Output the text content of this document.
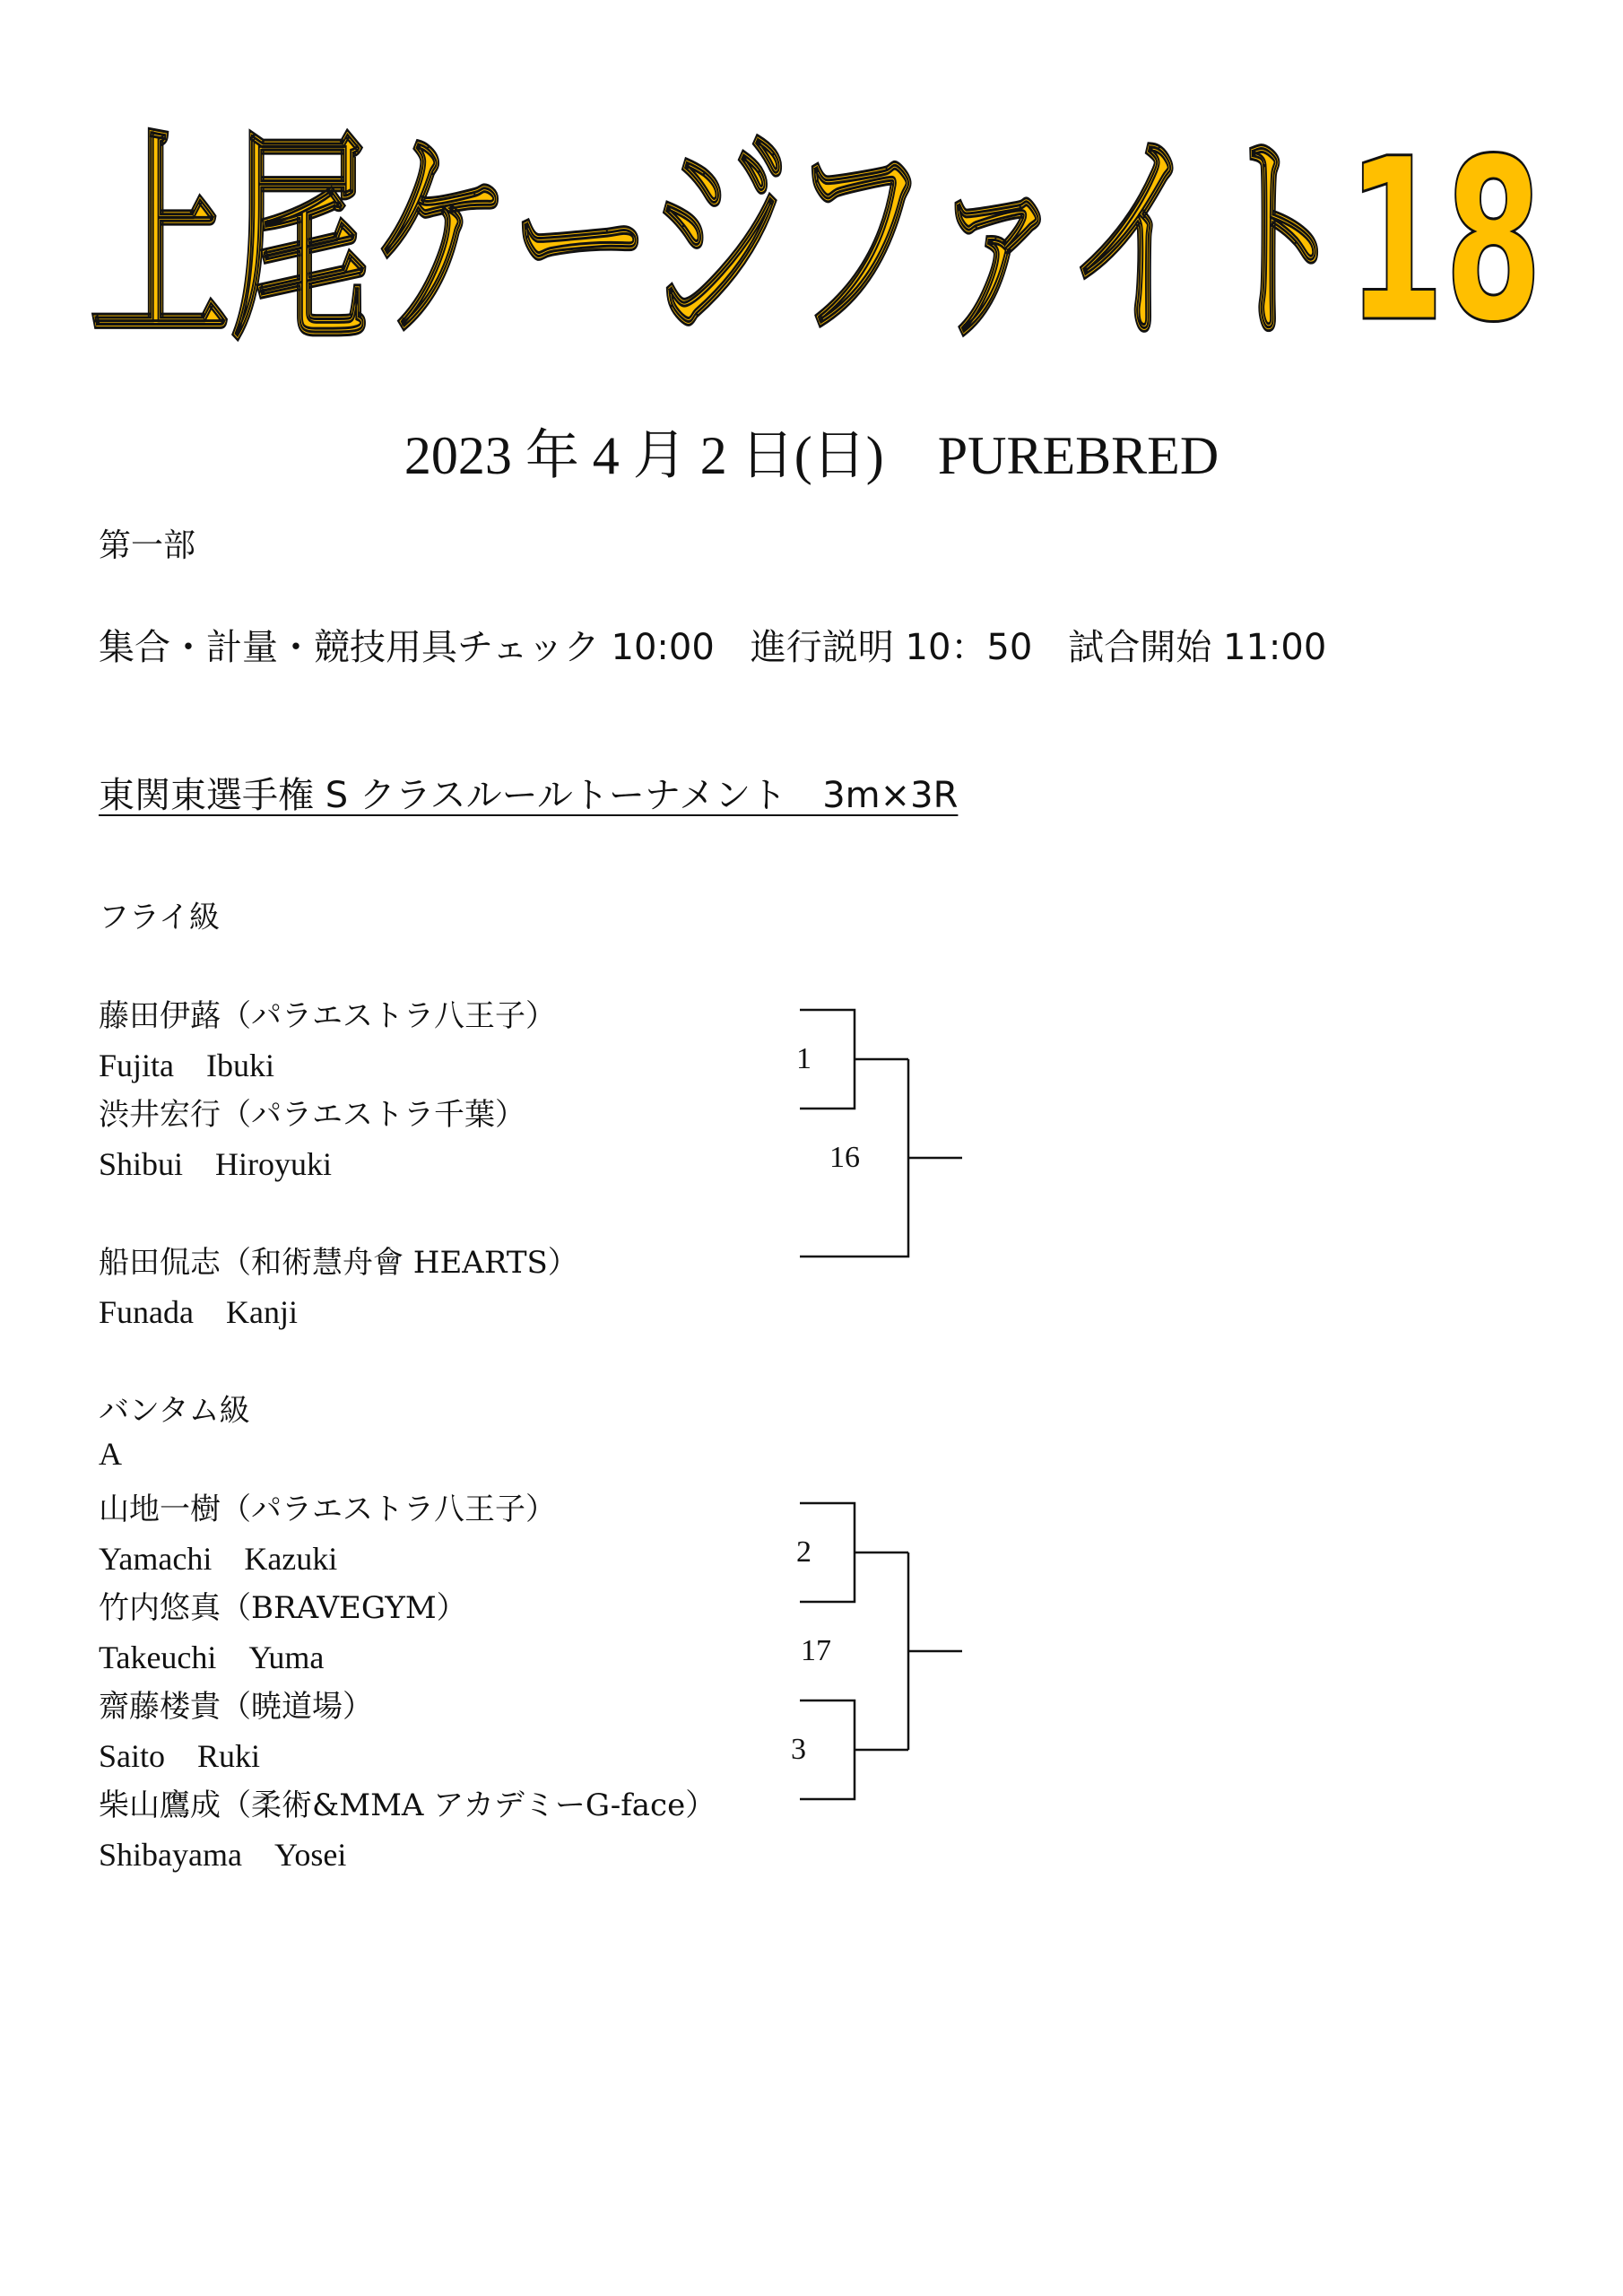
上尾ケージファイト18
2023 年 4 月 2 日(日)　PUREBRED
第一部
集合・計量・競技用具チェック 10:00　進行説明 10：50　試合開始 11:00
東関東選手権 S クラスルールトーナメント　3m×3R
フライ級
藤田伊蕗（パラエストラ八王子）
Fujita　Ibuki
渋井宏行（パラエストラ千葉）
Shibui　Hiroyuki
船田侃志（和術慧舟會 HEARTS）
Funada　Kanji
1
16
バンタム級
A
山地一樹（パラエストラ八王子）
Yamachi　Kazuki
竹内悠真（BRAVEGYM）
Takeuchi　Yuma
齋藤楼貴（暁道場）
Saito　Ruki
柴山鷹成（柔術&MMA アカデミーG-face）
Shibayama　Yosei
2
17
3
